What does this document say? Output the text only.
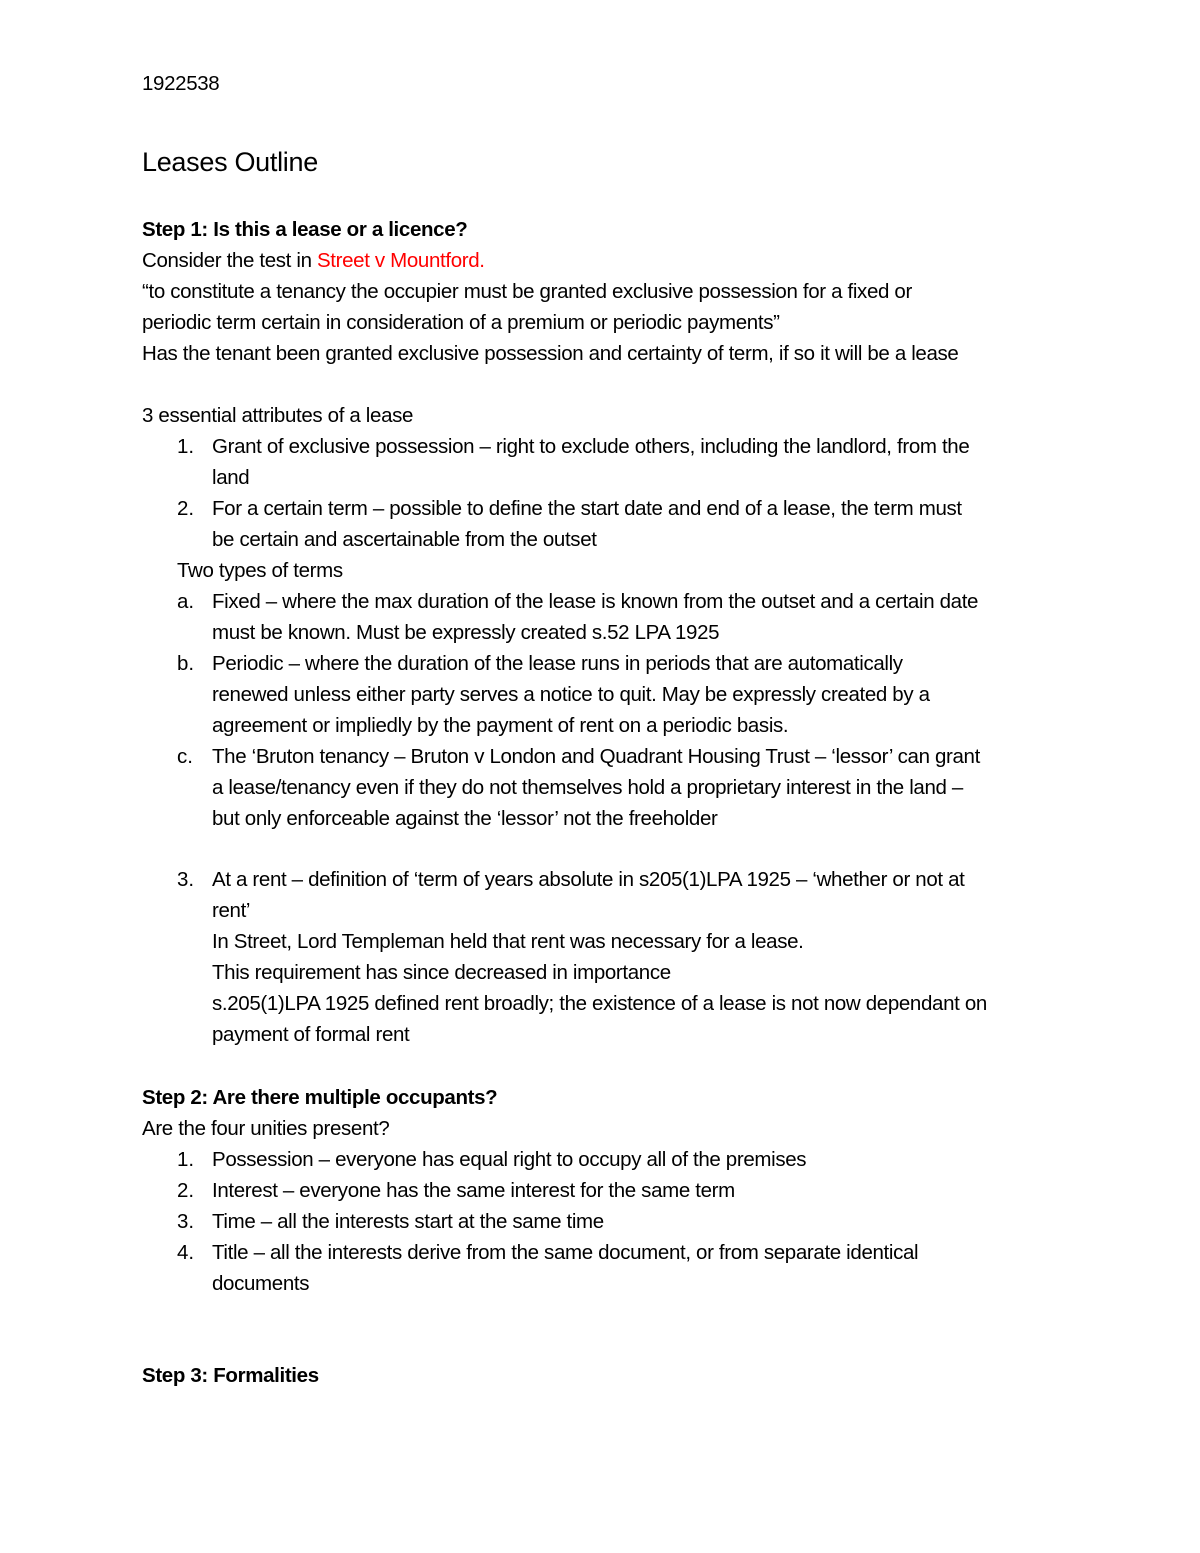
1922538
Leases Outline
Step 1: Is this a lease or a licence?
Consider the test in Street v Mountford.
“to constitute a tenancy the occupier must be granted exclusive possession for a fixed or
periodic term certain in consideration of a premium or periodic payments”
Has the tenant been granted exclusive possession and certainty of term, if so it will be a lease
3 essential attributes of a lease
1. Grant of exclusive possession – right to exclude others, including the landlord, from the
land
2. For a certain term – possible to define the start date and end of a lease, the term must
be certain and ascertainable from the outset
Two types of terms
a. Fixed – where the max duration of the lease is known from the outset and a certain date
must be known. Must be expressly created s.52 LPA 1925
b. Periodic – where the duration of the lease runs in periods that are automatically
renewed unless either party serves a notice to quit. May be expressly created by a
agreement or impliedly by the payment of rent on a periodic basis.
c. The ‘Bruton tenancy – Bruton v London and Quadrant Housing Trust – ‘lessor’ can grant
a lease/tenancy even if they do not themselves hold a proprietary interest in the land –
but only enforceable against the ‘lessor’ not the freeholder
3. At a rent – definition of ‘term of years absolute in s205(1)LPA 1925 – ‘whether or not at
rent’
In Street, Lord Templeman held that rent was necessary for a lease.
This requirement has since decreased in importance
s.205(1)LPA 1925 defined rent broadly; the existence of a lease is not now dependant on
payment of formal rent
Step 2: Are there multiple occupants?
Are the four unities present?
1. Possession – everyone has equal right to occupy all of the premises
2. Interest – everyone has the same interest for the same term
3. Time – all the interests start at the same time
4. Title – all the interests derive from the same document, or from separate identical
documents
Step 3: Formalities
